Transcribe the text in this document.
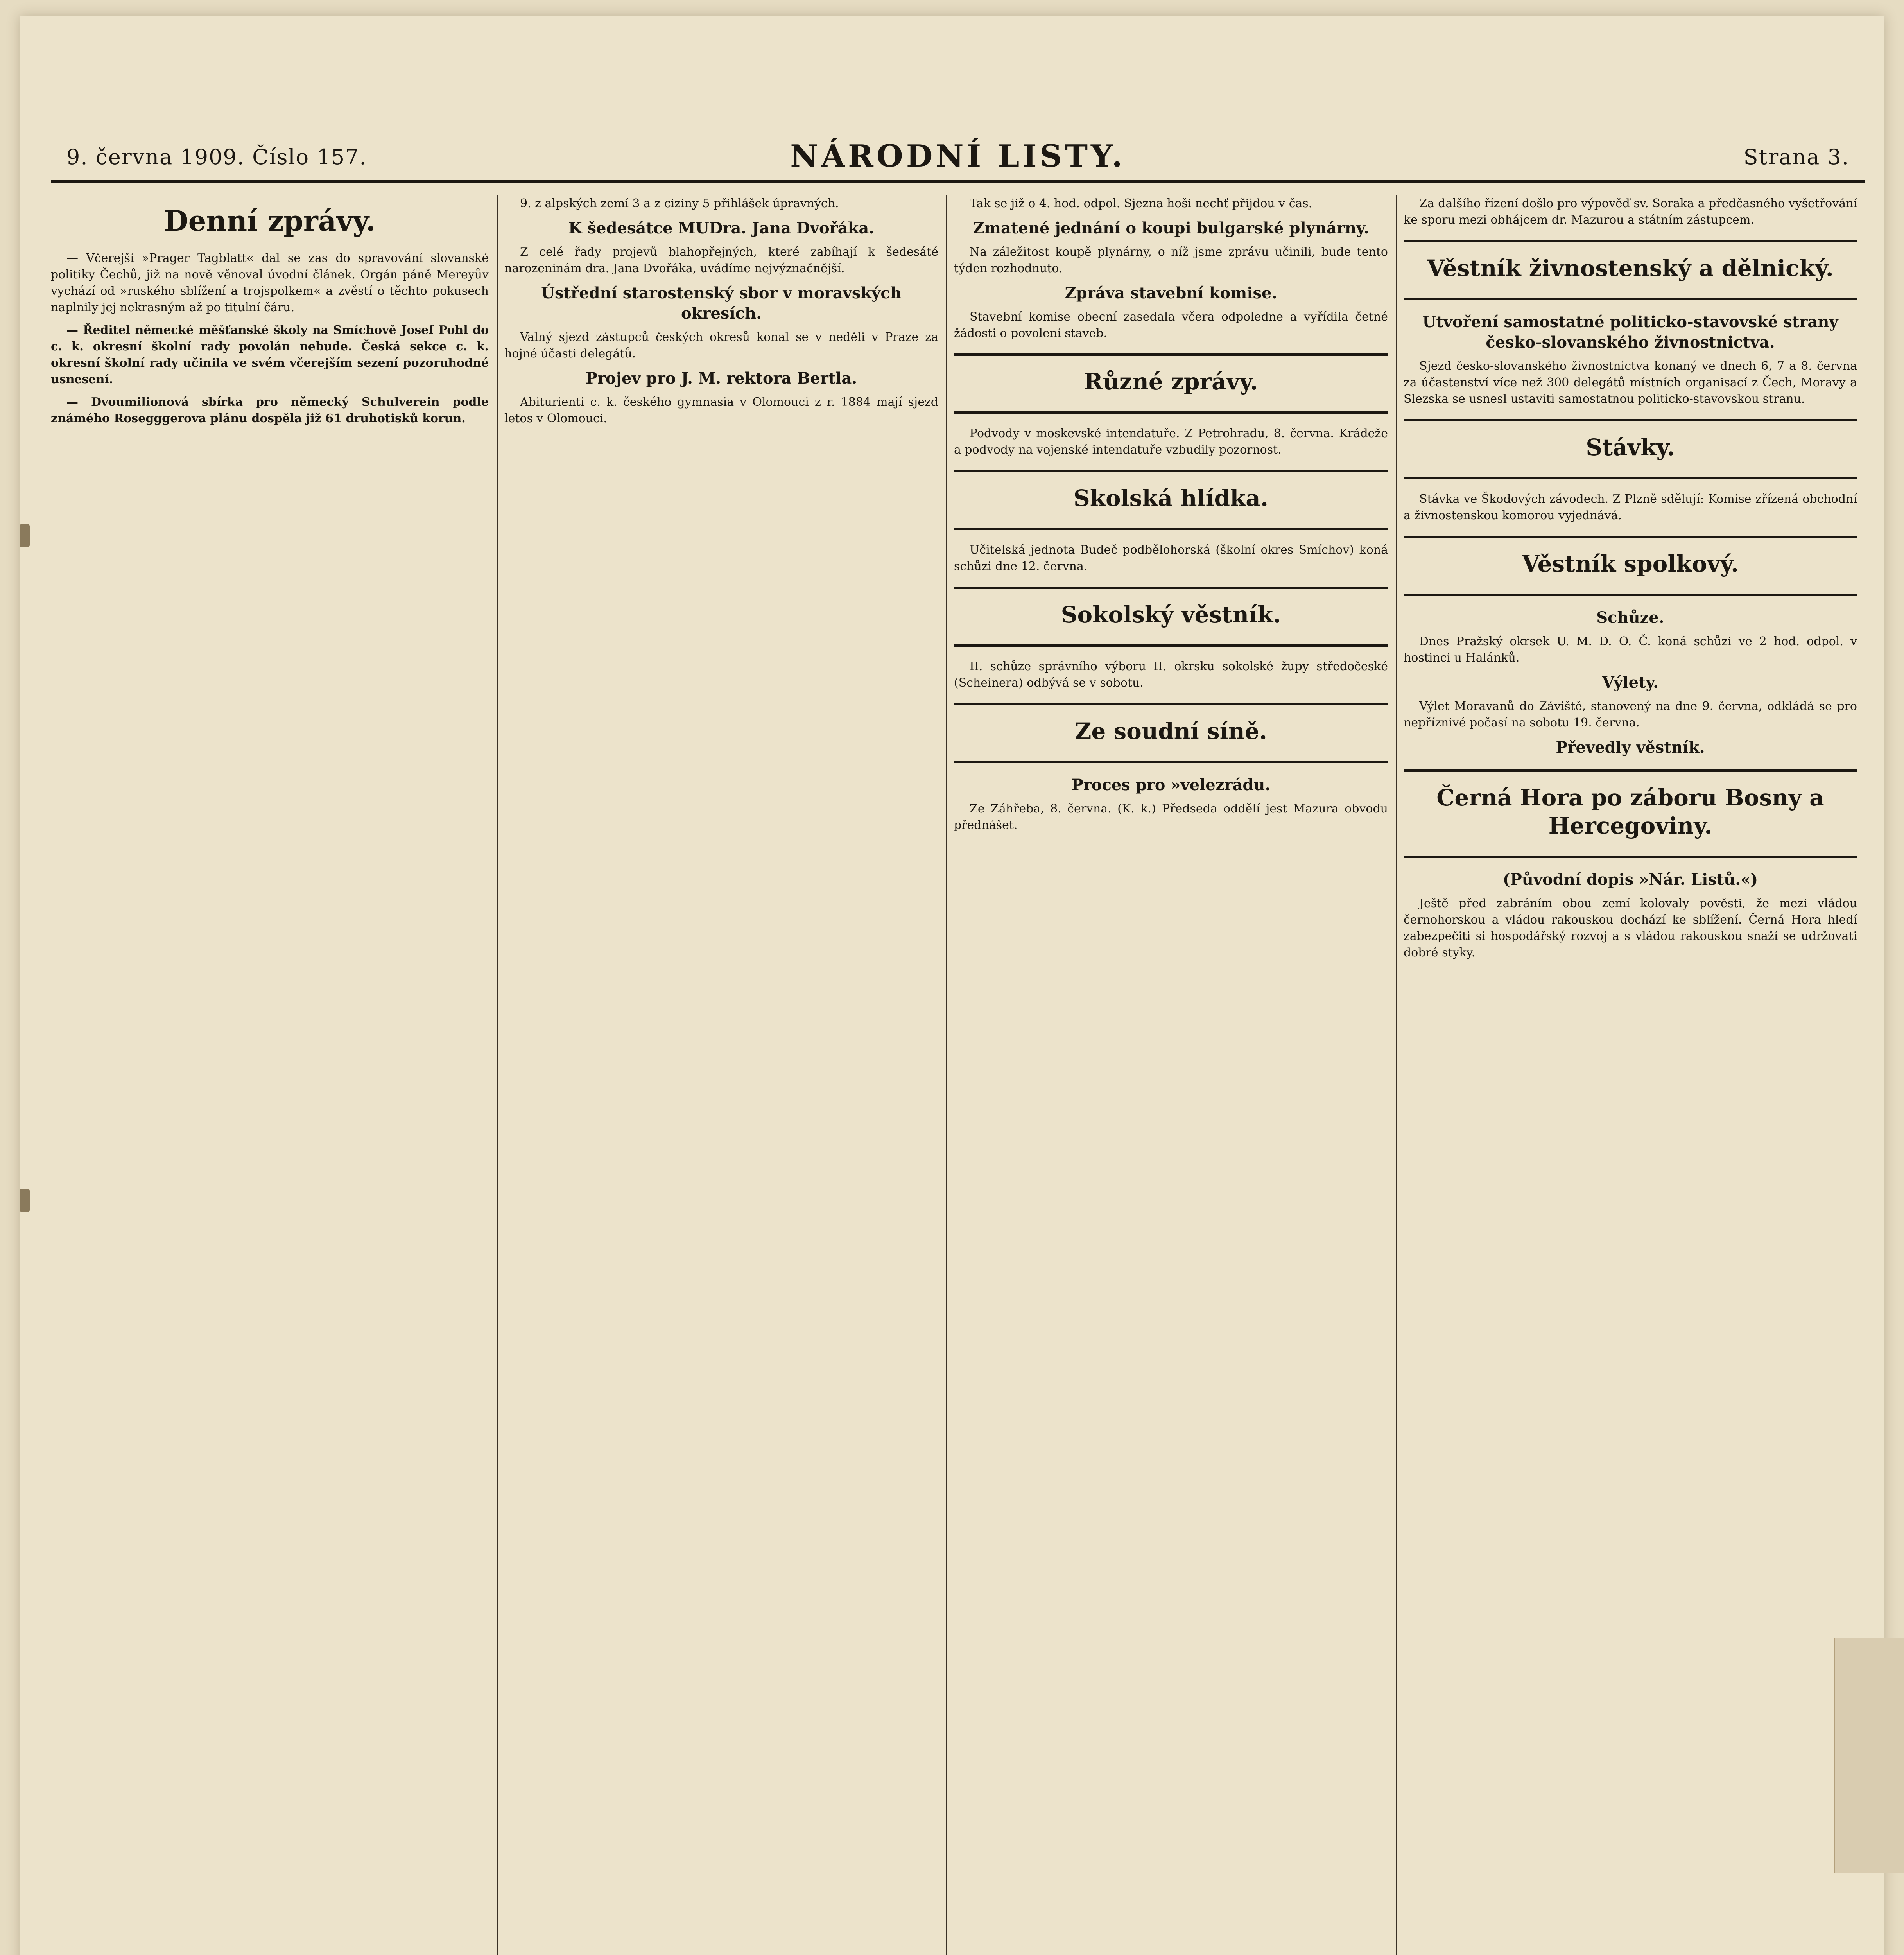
9. června 1909. Číslo 157.	NÁRODNÍ LISTY.	Strana 3.
Denní zprávy.

— Včerejší »Prager Tagblatt« dal se zas do spravování slovanské politiky Čechů, již na nově věnoval úvodní článek. Orgán páně Mereyův vychází od »ruského sblížení a trojspolkem« a zvěstí o těchto pokusech naplnily jej nekrasným až po titulní čáru.

— Ředitel německé měšťanské školy na Smíchově Josef Pohl do c. k. okresní školní rady povolán nebude. Česká sekce c. k. okresní školní rady učinila ve svém včerejším sezení pozoruhodné usnesení.

— Dvoumilionová sbírka pro německý Schulverein podle známého Rosegggerova plánu dospěla již 61 druhotisků korun.

9. z alpských zemí 3 a z ciziny 5 přihlášek úpravných.

K šedesátce MUDra. Jana Dvořáka.

Z celé řady projevů blahopřejných, které zabíhají k šedesáté narozeninám dra. Jana Dvořáka, uvádíme nejvýznačnější.

Ústřední starostenský sbor v moravských okresích.

Valný sjezd zástupců českých okresů konal se v neděli v Praze za hojné účasti delegátů.

Projev pro J. M. rektora Bertla.

Abiturienti c. k. českého gymnasia v Olomouci z r. 1884 mají sjezd letos v Olomouci.

Tak se již o 4. hod. odpol. Sjezna hoši nechť přijdou v čas.

Zmatené jednání o koupi bulgarské plynárny.

Na záležitost koupě plynárny, o níž jsme zprávu učinili, bude tento týden rozhodnuto.

Zpráva stavební komise.

Stavební komise obecní zasedala včera odpoledne a vyřídila četné žádosti o povolení staveb.

Různé zprávy.

Podvody v moskevské intendatuře. Z Petrohradu, 8. června. Krádeže a podvody na vojenské intendatuře vzbudily pozornost.

Skolská hlídka.

Učitelská jednota Budeč podbělohorská (školní okres Smíchov) koná schůzi dne 12. června.

Sokolský věstník.

II. schůze správního výboru II. okrsku sokolské župy středočeské (Scheinera) odbývá se v sobotu.

Ze soudní síně.
Proces pro »velezrádu.

Ze Záhřeba, 8. června. (K. k.) Předseda oddělí jest Mazura obvodu přednášet.

Za dalšího řízení došlo pro výpověď sv. Soraka a předčasného vyšetřování ke sporu mezi obhájcem dr. Mazurou a státním zástupcem.

Věstník živnostenský a dělnický.
Utvoření samostatné politicko-stavovské strany česko-slovanského živnostnictva.

Sjezd česko-slovanského živnostnictva konaný ve dnech 6, 7 a 8. června za účastenství více než 300 delegátů místních organisací z Čech, Moravy a Slezska se usnesl ustaviti samostatnou politicko-stavovskou stranu.

Stávky.

Stávka ve Škodových závodech. Z Plzně sdělují: Komise zřízená obchodní a živnostenskou komorou vyjednává.

Věstník spolkový.
Schůze.

Dnes Pražský okrsek U. M. D. O. Č. koná schůzi ve 2 hod. odpol. v hostinci u Halánků.

Výlety.

Výlet Moravanů do Záviště, stanovený na dne 9. června, odkládá se pro nepříznivé počasí na sobotu 19. června.

Převedly věstník.
Černá Hora po záboru Bosny a Hercegoviny.
(Původní dopis »Nár. Listů.«)

Ještě před zabráním obou zemí kolovaly pověsti, že mezi vládou černohorskou a vládou rakouskou dochází ke sblížení. Černá Hora hledí zabezpečiti si hospodářský rozvoj a s vládou rakouskou snaží se udržovati dobré styky.
